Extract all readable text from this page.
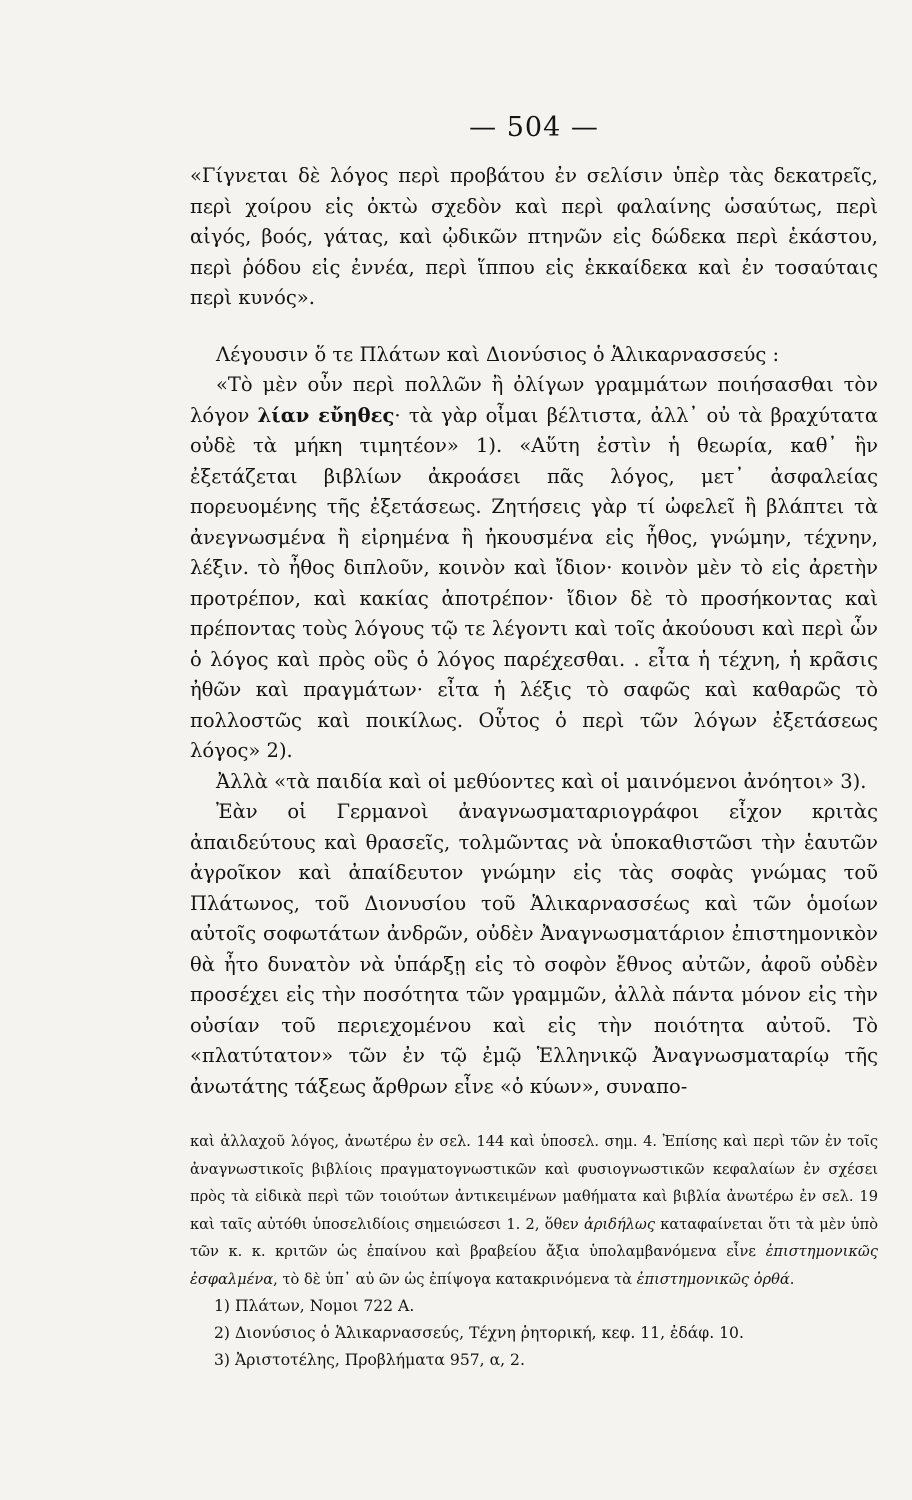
— 504 —

«Γίγνεται δὲ λόγος περὶ προβάτου ἐν σελίσιν ὑπὲρ τὰς δεκατρεῖς, περὶ χοίρου εἰς ὀκτὼ σχεδὸν καὶ περὶ φαλαίνης ὡσαύτως, περὶ αἰγός, βοός, γάτας, καὶ ᾠδικῶν πτηνῶν εἰς δώδεκα περὶ ἑκάστου, περὶ ῥόδου εἰς ἐννέα, περὶ ἵππου εἰς ἑκκαίδεκα καὶ ἐν τοσαύταις περὶ κυνός».

Λέγουσιν ὅ τε Πλάτων καὶ Διονύσιος ὁ Ἁλικαρνασσεύς :

«Τὸ μὲν οὖν περὶ πολλῶν ἢ ὀλίγων γραμμάτων ποιήσασθαι τὸν λόγον λίαν εὔηθες· τὰ γὰρ οἶμαι βέλτιστα, ἀλλ᾽ οὐ τὰ βραχύτατα οὐδὲ τὰ μήκη τιμητέον» 1). «Αὕτη ἐστὶν ἡ θεωρία, καθ᾽ ἣν ἐξετάζεται βιβλίων ἀκροάσει πᾶς λόγος, μετ᾽ ἀσφαλείας πορευομένης τῆς ἐξετάσεως. Ζητήσεις γὰρ τί ὠφελεῖ ἢ βλάπτει τὰ ἀνεγνωσμένα ἢ εἰρημένα ἢ ἠκουσμένα εἰς ἦθος, γνώμην, τέχνην, λέξιν. τὸ ἦθος διπλοῦν, κοινὸν καὶ ἴδιον· κοινὸν μὲν τὸ εἰς ἀρετὴν προτρέπον, καὶ κακίας ἀποτρέπον· ἴδιον δὲ τὸ προσήκοντας καὶ πρέποντας τοὺς λόγους τῷ τε λέγοντι καὶ τοῖς ἀκούουσι καὶ περὶ ὧν ὁ λόγος καὶ πρὸς οὓς ὁ λόγος παρέχεσθαι. . εἶτα ἡ τέχνη, ἡ κρᾶσις ἠθῶν καὶ πραγμάτων· εἶτα ἡ λέξις τὸ σαφῶς καὶ καθαρῶς τὸ πολλοστῶς καὶ ποικίλως. Οὗτος ὁ περὶ τῶν λόγων ἐξετάσεως λόγος» 2).

Ἀλλὰ «τὰ παιδία καὶ οἱ μεθύοντες καὶ οἱ μαινόμενοι ἀνόητοι» 3).

Ἐὰν οἱ Γερμανοὶ ἀναγνωσματαριογράφοι εἶχον κριτὰς ἀπαιδεύτους καὶ θρασεῖς, τολμῶντας νὰ ὑποκαθιστῶσι τὴν ἑαυτῶν ἀγροῖκον καὶ ἀπαίδευτον γνώμην εἰς τὰς σοφὰς γνώμας τοῦ Πλάτωνος, τοῦ Διονυσίου τοῦ Ἁλικαρνασσέως καὶ τῶν ὁμοίων αὐτοῖς σοφωτάτων ἀνδρῶν, οὐδὲν Ἀναγνωσματάριον ἐπιστημονικὸν θὰ ἦτο δυνατὸν νὰ ὑπάρξῃ εἰς τὸ σοφὸν ἔθνος αὐτῶν, ἀφοῦ οὐδὲν προσέχει εἰς τὴν ποσότητα τῶν γραμμῶν, ἀλλὰ πάντα μόνον εἰς τὴν οὐσίαν τοῦ περιεχομένου καὶ εἰς τὴν ποιότητα αὐτοῦ. Τὸ «πλατύτατον» τῶν ἐν τῷ ἐμῷ Ἑλληνικῷ Ἀναγνωσματαρίῳ τῆς ἀνωτάτης τάξεως ἄρθρων εἶνε «ὁ κύων», συναπο-

καὶ ἀλλαχοῦ λόγος, ἀνωτέρω ἐν σελ. 144 καὶ ὑποσελ. σημ. 4. Ἐπίσης καὶ περὶ τῶν ἐν τοῖς ἀναγνωστικοῖς βιβλίοις πραγματογνωστικῶν καὶ φυσιογνωστικῶν κεφαλαίων ἐν σχέσει πρὸς τὰ εἰδικὰ περὶ τῶν τοιούτων ἀντικειμένων μαθήματα καὶ βιβλία ἀνωτέρω ἐν σελ. 19 καὶ ταῖς αὐτόθι ὑποσελιδίοις σημειώσεσι 1. 2, ὅθεν ἀριδήλως καταφαίνεται ὅτι τὰ μὲν ὑπὸ τῶν κ. κ. κριτῶν ὡς ἐπαίνου καὶ βραβείου ἄξια ὑπολαμβανόμενα εἶνε ἐπιστημονικῶς ἐσφαλμένα, τὸ δὲ ὑπ᾽ αὐ ῶν ὡς ἐπίψογα κατακρινόμενα τὰ ἐπιστημονικῶς ὀρθά.

1) Πλάτων, Νομοι 722 Α.

2) Διονύσιος ὁ Ἁλικαρνασσεύς, Τέχνη ῥητορική, κεφ. 11, ἐδάφ. 10.

3) Ἀριστοτέλης, Προβλήματα 957, α, 2.
